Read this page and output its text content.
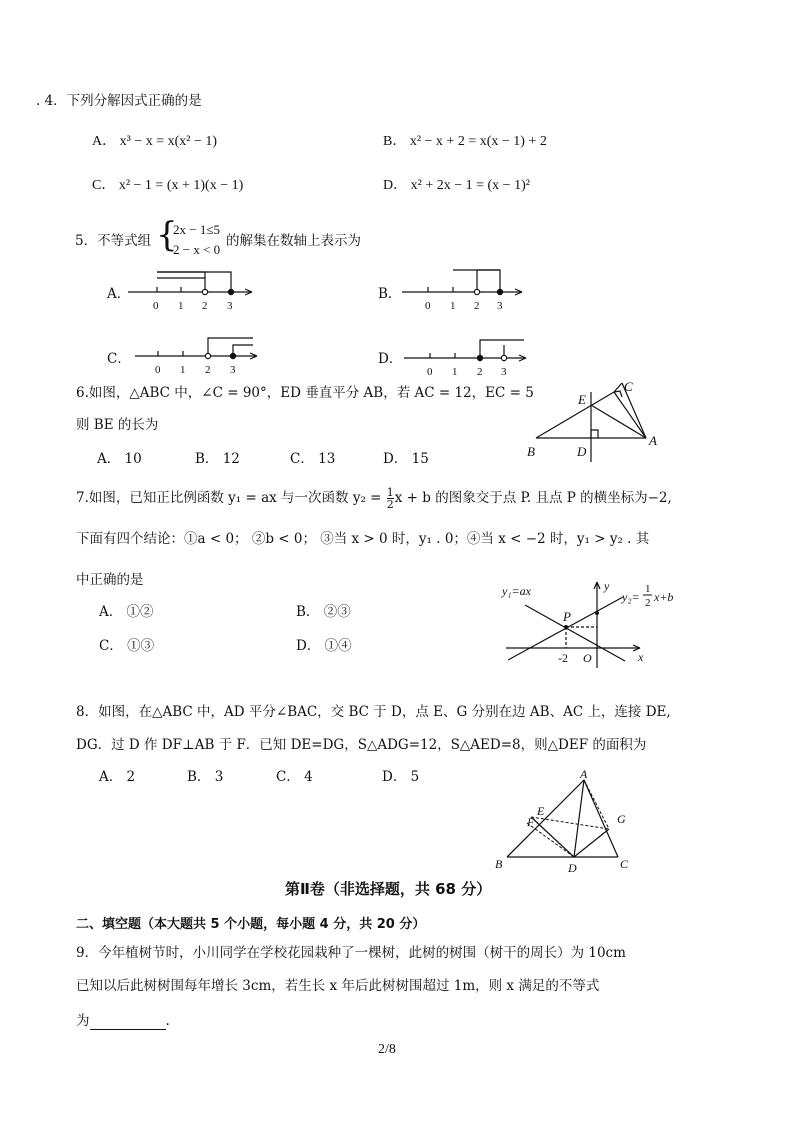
. 4．下列分解因式正确的是
A． x³ − x = x(x² − 1)	B． x² − x + 2 = x(x − 1) + 2
C． x² − 1 = (x + 1)(x − 1)	D． x² + 2x − 1 = (x − 1)²
5．不等式组 {
2x − 1≤5
2 − x < 0
的解集在数轴上表示为
A．	B．
C．	D．
0 1 2 3	0 1 2 3
0 1 2 3	0 1 2 3
6.如图，△ABC 中，∠C = 90°，ED 垂直平分 AB，若 AC = 12，EC = 5
则 BE 的长为
A． 10	B． 12	C． 13	D． 15	B	D
A
E
C
7.如图，已知正比例函数 y₁ = ax 与一次函数 $y_2 = \frac{1}{2}$ x + b 的图象交于点 P. 且点 P 的横坐标为−2,
下面有四个结论：①a < 0； ②b < 0； ③当 x > 0 时，y₁ . 0；④当 x < −2 时，y₁ > y₂ . 其
中正确的是
A． ①②	B． ②③
C． ①③	D． ①④
y₁=ax	y
y₂=
1
2 x+b
P
-2 O	x
8．如图，在△ABC 中，AD 平分∠BAC，交 BC 于 D，点 E、G 分别在边 AB、AC 上，连接 DE,
DG．过 D 作 DF⊥AB 于 F．已知 DE=DG，S△ADG=12，S△AED=8，则△DEF 的面积为
A． 2	B． 3	C． 4	D． 5	A
E
F	G
B	D	C
第Ⅱ卷（非选择题，共 68 分）
二、填空题（本大题共 5 个小题，每小题 4 分，共 20 分）
9．今年植树节时，小川同学在学校花园栽种了一棵树，此树的树围（树干的周长）为 10cm
已知以后此树树围每年增长 3cm，若生长 x 年后此树树围超过 1m，则 x 满足的不等式
为	.
2/8
